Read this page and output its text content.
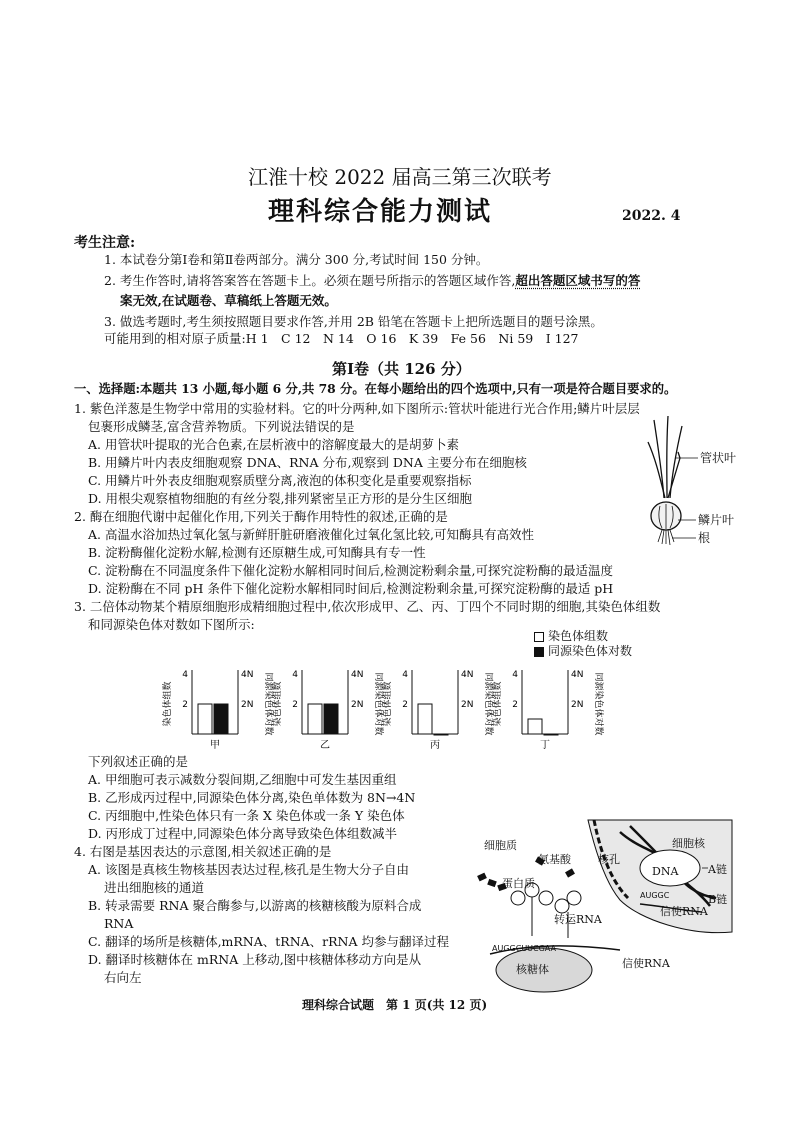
江淮十校 2022 届高三第三次联考
理科综合能力测试	2022. 4
考生注意:
1. 本试卷分第Ⅰ卷和第Ⅱ卷两部分。满分 300 分,考试时间 150 分钟。
2. 考生作答时,请将答案答在答题卡上。必须在题号所指示的答题区域作答,超出答题区域书写的答
案无效,在试题卷、草稿纸上答题无效。
3. 做选考题时,考生须按照题目要求作答,并用 2B 铅笔在答题卡上把所选题目的题号涂黑。
可能用到的相对原子质量:H 1　C 12　N 14　O 16　K 39　Fe 56　Ni 59　I 127
第Ⅰ卷（共 126 分）
一、选择题:本题共 13 小题,每小题 6 分,共 78 分。在每小题给出的四个选项中,只有一项是符合题目要求的。
1. 紫色洋葱是生物学中常用的实验材料。它的叶分两种,如下图所示:管状叶能进行光合作用;鳞片叶层层
包裹形成鳞茎,富含营养物质。下列说法错误的是
A. 用管状叶提取的光合色素,在层析液中的溶解度最大的是胡萝卜素
B. 用鳞片叶内表皮细胞观察 DNA、RNA 分布,观察到 DNA 主要分布在细胞核
C. 用鳞片叶外表皮细胞观察质壁分离,液泡的体积变化是重要观察指标
D. 用根尖观察植物细胞的有丝分裂,排列紧密呈正方形的是分生区细胞
管状叶
鳞片叶
根
2. 酶在细胞代谢中起催化作用,下列关于酶作用特性的叙述,正确的是
A. 高温水浴加热过氧化氢与新鲜肝脏研磨液催化过氧化氢比较,可知酶具有高效性
B. 淀粉酶催化淀粉水解,检测有还原糖生成,可知酶具有专一性
C. 淀粉酶在不同温度条件下催化淀粉水解相同时间后,检测淀粉剩余量,可探究淀粉酶的最适温度
D. 淀粉酶在不同 pH 条件下催化淀粉水解相同时间后,检测淀粉剩余量,可探究淀粉酶的最适 pH
3. 二倍体动物某个精原细胞形成精细胞过程中,依次形成甲、乙、丙、丁四个不同时期的细胞,其染色体组数
和同源染色体对数如下图所示:
染色体组数
同源染色体对数
染色体组数 2	2N
4	4N 同源染色体对数
甲
染色体组数 2	2N
4	4N 同源染色体对数
乙
染色体组数 2	2N
4	4N 同源染色体对数
丙
染色体组数 2	2N
4	4N 同源染色体对数
丁
下列叙述正确的是
A. 甲细胞可表示减数分裂间期,乙细胞中可发生基因重组
B. 乙形成丙过程中,同源染色体分离,染色单体数为 8N→4N
C. 丙细胞中,性染色体只有一条 X 染色体或一条 Y 染色体
D. 丙形成丁过程中,同源染色体分离导致染色体组数减半
4. 右图是基因表达的示意图,相关叙述正确的是
A. 该图是真核生物核基因表达过程,核孔是生物大分子自由
进出细胞核的通道
B. 转录需要 RNA 聚合酶参与,以游离的核糖核酸为原料合成
RNA
C. 翻译的场所是核糖体,mRNA、tRNA、rRNA 均参与翻译过程
D. 翻译时核糖体在 mRNA 上移动,图中核糖体移动方向是从
右向左
AUGGC
AUGGCUUCGAA
细胞质
氨基酸
细胞核
核孔
DNA
蛋白质
转运RNA
信使RNA
A链
B链
核糖体	信使RNA
理科综合试题　第 1 页(共 12 页)
